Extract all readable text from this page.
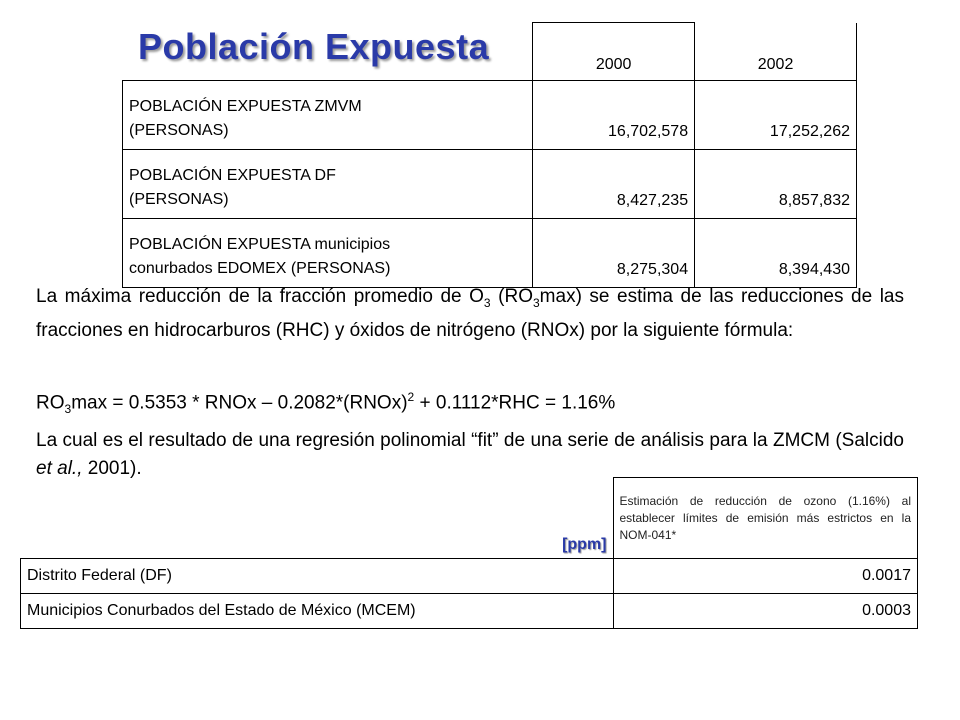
	2000	2002
POBLACIÓN EXPUESTA ZMVM
(PERSONAS)	16,702,578	17,252,262
POBLACIÓN EXPUESTA DF
(PERSONAS)	8,427,235	8,857,832
POBLACIÓN EXPUESTA municipios
conurbados EDOMEX (PERSONAS)	8,275,304	8,394,430
Población Expuesta
La máxima reducción de la fracción promedio de $O_3$ $(RO_3\max)$ se estima de las reducciones de las fracciones en hidrocarburos (RHC) y óxidos de nitrógeno (RNOx) por la siguiente fórmula:
$RO_3\max = 0.5353$ * RNOx – 0.2082*(RNOx)$^2$ + 0.1112*RHC = 1.16%
La cual es el resultado de una regresión polinomial “fit” de una serie de análisis para la ZMCM (Salcido et al., 2001).
[ppm]	Estimación de reducción de ozono (1.16%) al establecer límites de emisión más estrictos en la NOM-041*
Distrito Federal (DF)	0.0017
Municipios Conurbados del Estado de México (MCEM)	0.0003
